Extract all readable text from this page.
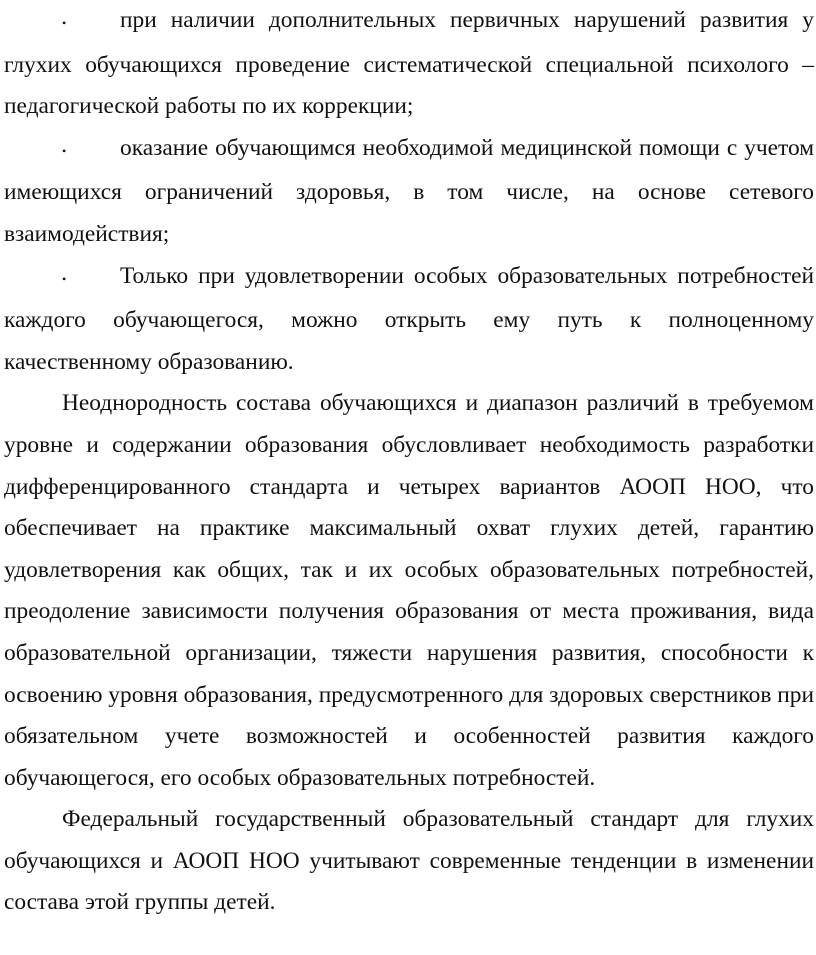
• при наличии дополнительных первичных нарушений развития у глухих обучающихся проведение систематической специальной психолого – педагогической работы по их коррекции;

• оказание обучающимся необходимой медицинской помощи с учетом имеющихся ограничений здоровья, в том числе, на основе сетевого взаимодействия;

• Только при удовлетворении особых образовательных потребностей каждого обучающегося, можно открыть ему путь к полноценному качественному образованию.

Неоднородность состава обучающихся и диапазон различий в требуемом уровне и содержании образования обусловливает необходимость разработки дифференцированного стандарта и четырех вариантов АООП НОО, что обеспечивает на практике максимальный охват глухих детей, гарантию удовлетворения как общих, так и их особых образовательных потребностей, преодоление зависимости получения образования от места проживания, вида образовательной организации, тяжести нарушения развития, способности к освоению уровня образования, предусмотренного для здоровых сверстников при обязательном учете возможностей и особенностей развития каждого обучающегося, его особых образовательных потребностей.

Федеральный государственный образовательный стандарт для глухих обучающихся и АООП НОО учитывают современные тенденции в изменении состава этой группы детей.
